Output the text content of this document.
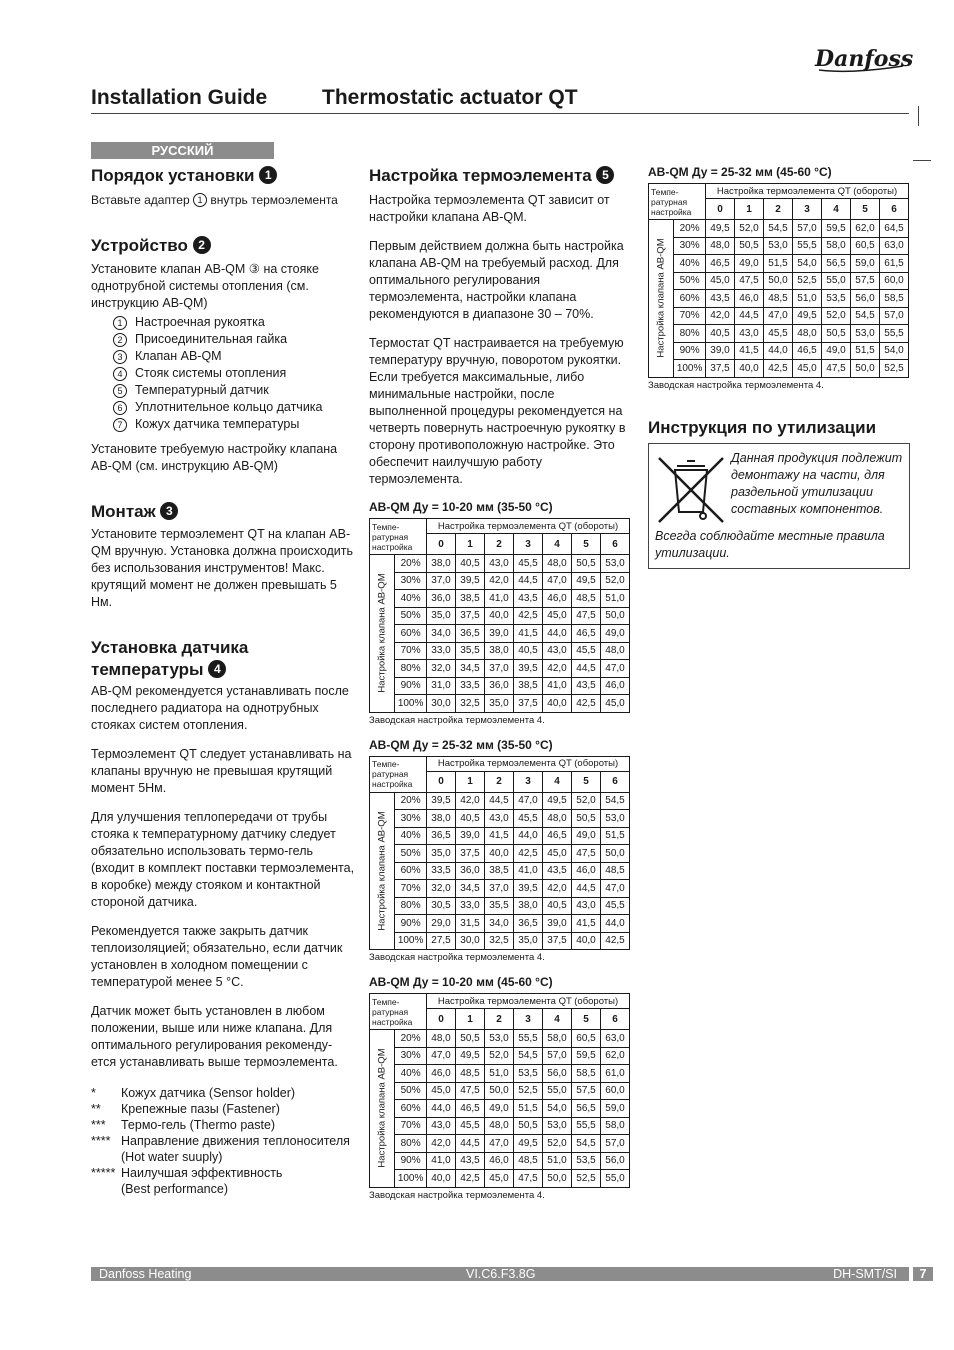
Danfoss
Installation Guide	Thermostatic actuator QT
РУССКИЙ
Порядок установки 1

Вставьте адаптер 1 внутрь термоэлемента

Устройство 2

Установите клапан AB-QM ③ на стояке однотрубной системы отопления (см. инструкцию AB-QM)

1	Настроечная рукоятка
2	Присоединительная гайка
3	Клапан AB-QM
4	Стояк системы отопления
5	Температурный датчик
6	Уплотнительное кольцо датчика
7	Кожух датчика температуры

Установите требуемую настройку клапана AB-QM (см. инструкцию AB-QM)

Монтаж 3

Установите термоэлемент QT на клапан AB-QM вручную. Установка должна происходить без использования инструментов! Макс. крутящий момент не должен превышать 5 Нм.

Установка датчика
температуры 4

AB-QM рекомендуется устанавливать после последнего радиатора на однотрубных стояках систем отопления.

Термоэлемент QT следует устанавливать на клапаны вручную не превышая крутящий момент 5Нм.

Для улучшения теплопередачи от трубы стояка к температурному датчику следует обязательно использовать термо-гель (входит в комплект поставки термоэлемента, в коробке) между стояком и контактной стороной датчика.

Рекомендуется также закрыть датчик теплоизоляцией; обязательно, если датчик установлен в холодном помещении с температурой менее 5 °C.

Датчик может быть установлен в любом положении, выше или ниже клапана. Для оптимального регулирования рекоменду-ется устанавливать выше термоэлемента.

*	Кожух датчика (Sensor holder)
**	Крепежные пазы (Fastener)
***	Термо-гель (Thermo paste)
**** Направление движения теплоносителя
(Hot water suuply)
***** Наилучшая эффективность
(Best performance)
Настройка термоэлемента 5

Настройка термоэлемента QT зависит от настройки клапана AB-QM.

Первым действием должна быть настройка клапана AB-QM на требуемый расход. Для оптимального регулирования термоэлемента, настройки клапана рекомендуются в диапазоне 30 – 70%.

Термостат QT настраивается на требуемую температуру вручную, поворотом рукоятки. Если требуется максимальные, либо минимальные настройки, после выполненной процедуры рекомендуется на четверть повернуть настроечную рукоятку в сторону противоположную настройке. Это обеспечит наилучшую работу термоэлемента.

AB-QM Ду = 10-20 мм (35-50 °C)

Темпе-
ратурная
настройка		Настройка термоэлемента QT (обороты)						
		0	1	2	3	4	5	6

Настройка клапана AB-QM	20%	38,0	40,5	43,0	45,5	48,0	50,5	53,0
	30%	37,0	39,5	42,0	44,5	47,0	49,5	52,0
	40%	36,0	38,5	41,0	43,5	46,0	48,5	51,0
	50%	35,0	37,5	40,0	42,5	45,0	47,5	50,0
	60%	34,0	36,5	39,0	41,5	44,0	46,5	49,0
	70%	33,0	35,5	38,0	40,5	43,0	45,5	48,0
	80%	32,0	34,5	37,0	39,5	42,0	44,5	47,0
	90%	31,0	33,5	36,0	38,5	41,0	43,5	46,0
	100%	30,0	32,5	35,0	37,5	40,0	42,5	45,0

Заводская настройка термоэлемента 4.

AB-QM Ду = 25-32 мм (35-50 °C)

Темпе-
ратурная
настройка		Настройка термоэлемента QT (обороты)						
		0	1	2	3	4	5	6

Настройка клапана AB-QM	20%	39,5	42,0	44,5	47,0	49,5	52,0	54,5
	30%	38,0	40,5	43,0	45,5	48,0	50,5	53,0
	40%	36,5	39,0	41,5	44,0	46,5	49,0	51,5
	50%	35,0	37,5	40,0	42,5	45,0	47,5	50,0
	60%	33,5	36,0	38,5	41,0	43,5	46,0	48,5
	70%	32,0	34,5	37,0	39,5	42,0	44,5	47,0
	80%	30,5	33,0	35,5	38,0	40,5	43,0	45,5
	90%	29,0	31,5	34,0	36,5	39,0	41,5	44,0
	100%	27,5	30,0	32,5	35,0	37,5	40,0	42,5

Заводская настройка термоэлемента 4.

AB-QM Ду = 10-20 мм (45-60 °C)

Темпе-
ратурная
настройка		Настройка термоэлемента QT (обороты)						
		0	1	2	3	4	5	6

Настройка клапана AB-QM	20%	48,0	50,5	53,0	55,5	58,0	60,5	63,0
	30%	47,0	49,5	52,0	54,5	57,0	59,5	62,0
	40%	46,0	48,5	51,0	53,5	56,0	58,5	61,0
	50%	45,0	47,5	50,0	52,5	55,0	57,5	60,0
	60%	44,0	46,5	49,0	51,5	54,0	56,5	59,0
	70%	43,0	45,5	48,0	50,5	53,0	55,5	58,0
	80%	42,0	44,5	47,0	49,5	52,0	54,5	57,0
	90%	41,0	43,5	46,0	48,5	51,0	53,5	56,0
	100%	40,0	42,5	45,0	47,5	50,0	52,5	55,0

Заводская настройка термоэлемента 4.

AB-QM Ду = 25-32 мм (45-60 °C)

Темпе-
ратурная
настройка		Настройка термоэлемента QT (обороты)						
		0	1	2	3	4	5	6

Настройка клапана AB-QM	20%	49,5	52,0	54,5	57,0	59,5	62,0	64,5
	30%	48,0	50,5	53,0	55,5	58,0	60,5	63,0
	40%	46,5	49,0	51,5	54,0	56,5	59,0	61,5
	50%	45,0	47,5	50,0	52,5	55,0	57,5	60,0
	60%	43,5	46,0	48,5	51,0	53,5	56,0	58,5
	70%	42,0	44,5	47,0	49,5	52,0	54,5	57,0
	80%	40,5	43,0	45,5	48,0	50,5	53,0	55,5
	90%	39,0	41,5	44,0	46,5	49,0	51,5	54,0
	100%	37,5	40,0	42,5	45,0	47,5	50,0	52,5

Заводская настройка термоэлемента 4.

Инструкция по утилизации
Данная продукция подлежит демонтажу на части, для раздельной утилизации составных компонентов.
Всегда соблюдайте местные правила утилизации.
Danfoss Heating	VI.C6.F3.8G	DH-SMT/SI	7
